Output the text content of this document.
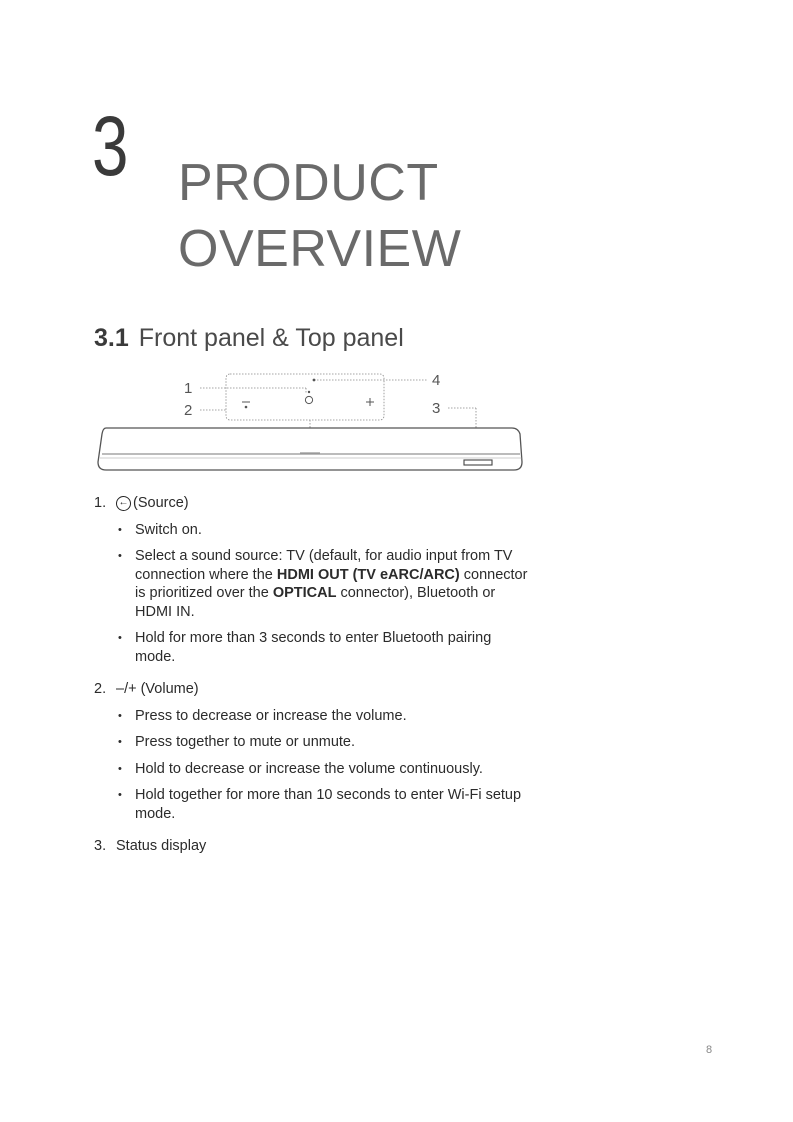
3 PRODUCT
OVERVIEW
3.1 Front panel & Top panel
1
2	3
4
1.	← (Source)
• Switch on.
• Select a sound source: TV (default, for audio input from TV connection where the HDMI OUT (TV eARC/ARC) connector is prioritized over the OPTICAL connector), Bluetooth or HDMI IN.
• Hold for more than 3 seconds to enter Bluetooth pairing mode.
2. –/+ (Volume)
• Press to decrease or increase the volume.
• Press together to mute or unmute.
• Hold to decrease or increase the volume continuously.
• Hold together for more than 10 seconds to enter Wi-Fi setup mode.
3. Status display
8
